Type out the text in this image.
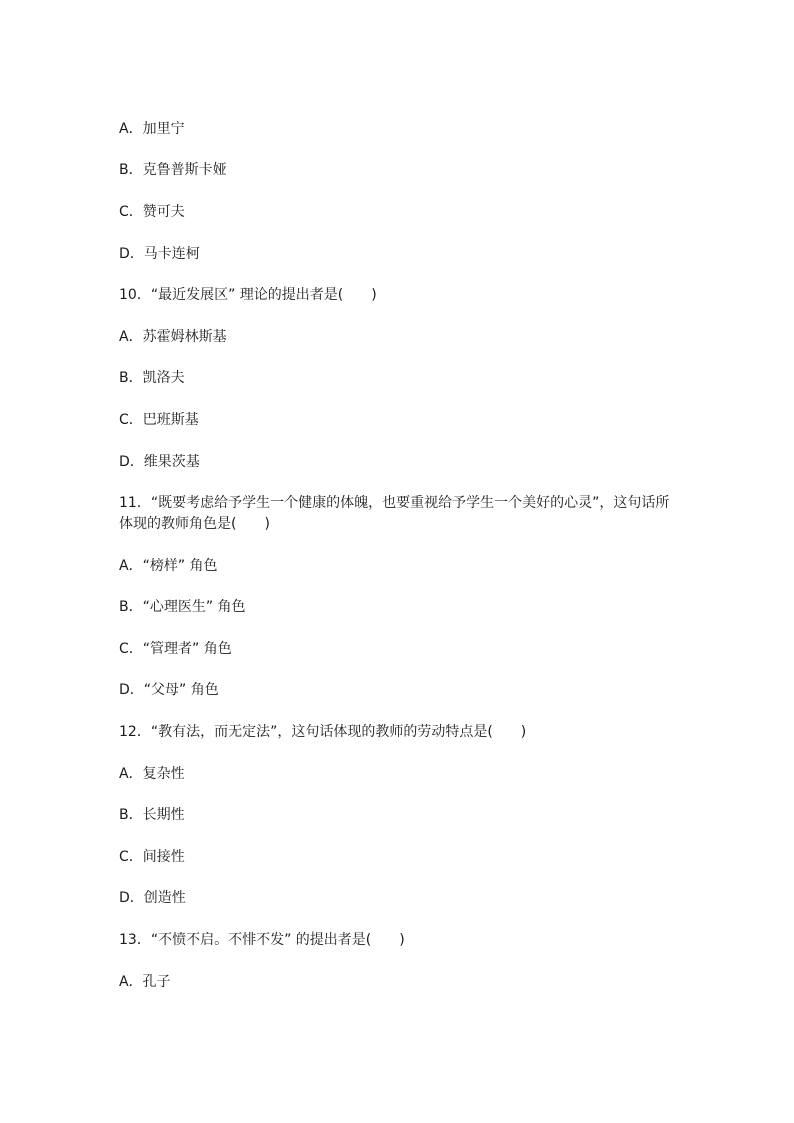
A．加里宁
B．克鲁普斯卡娅
C．赞可夫
D．马卡连柯
10．“最近发展区” 理论的提出者是(　　)
A．苏霍姆林斯基
B．凯洛夫
C．巴班斯基
D．维果茨基
11．“既要考虑给予学生一个健康的体魄，也要重视给予学生一个美好的心灵”，这句话所
体现的教师角色是(　　)
A．“榜样” 角色
B．“心理医生” 角色
C．“管理者” 角色
D．“父母” 角色
12．“教有法，而无定法”，这句话体现的教师的劳动特点是(　　)
A．复杂性
B．长期性
C．间接性
D．创造性
13．“不愤不启。不悱不发” 的提出者是(　　)
A．孔子
